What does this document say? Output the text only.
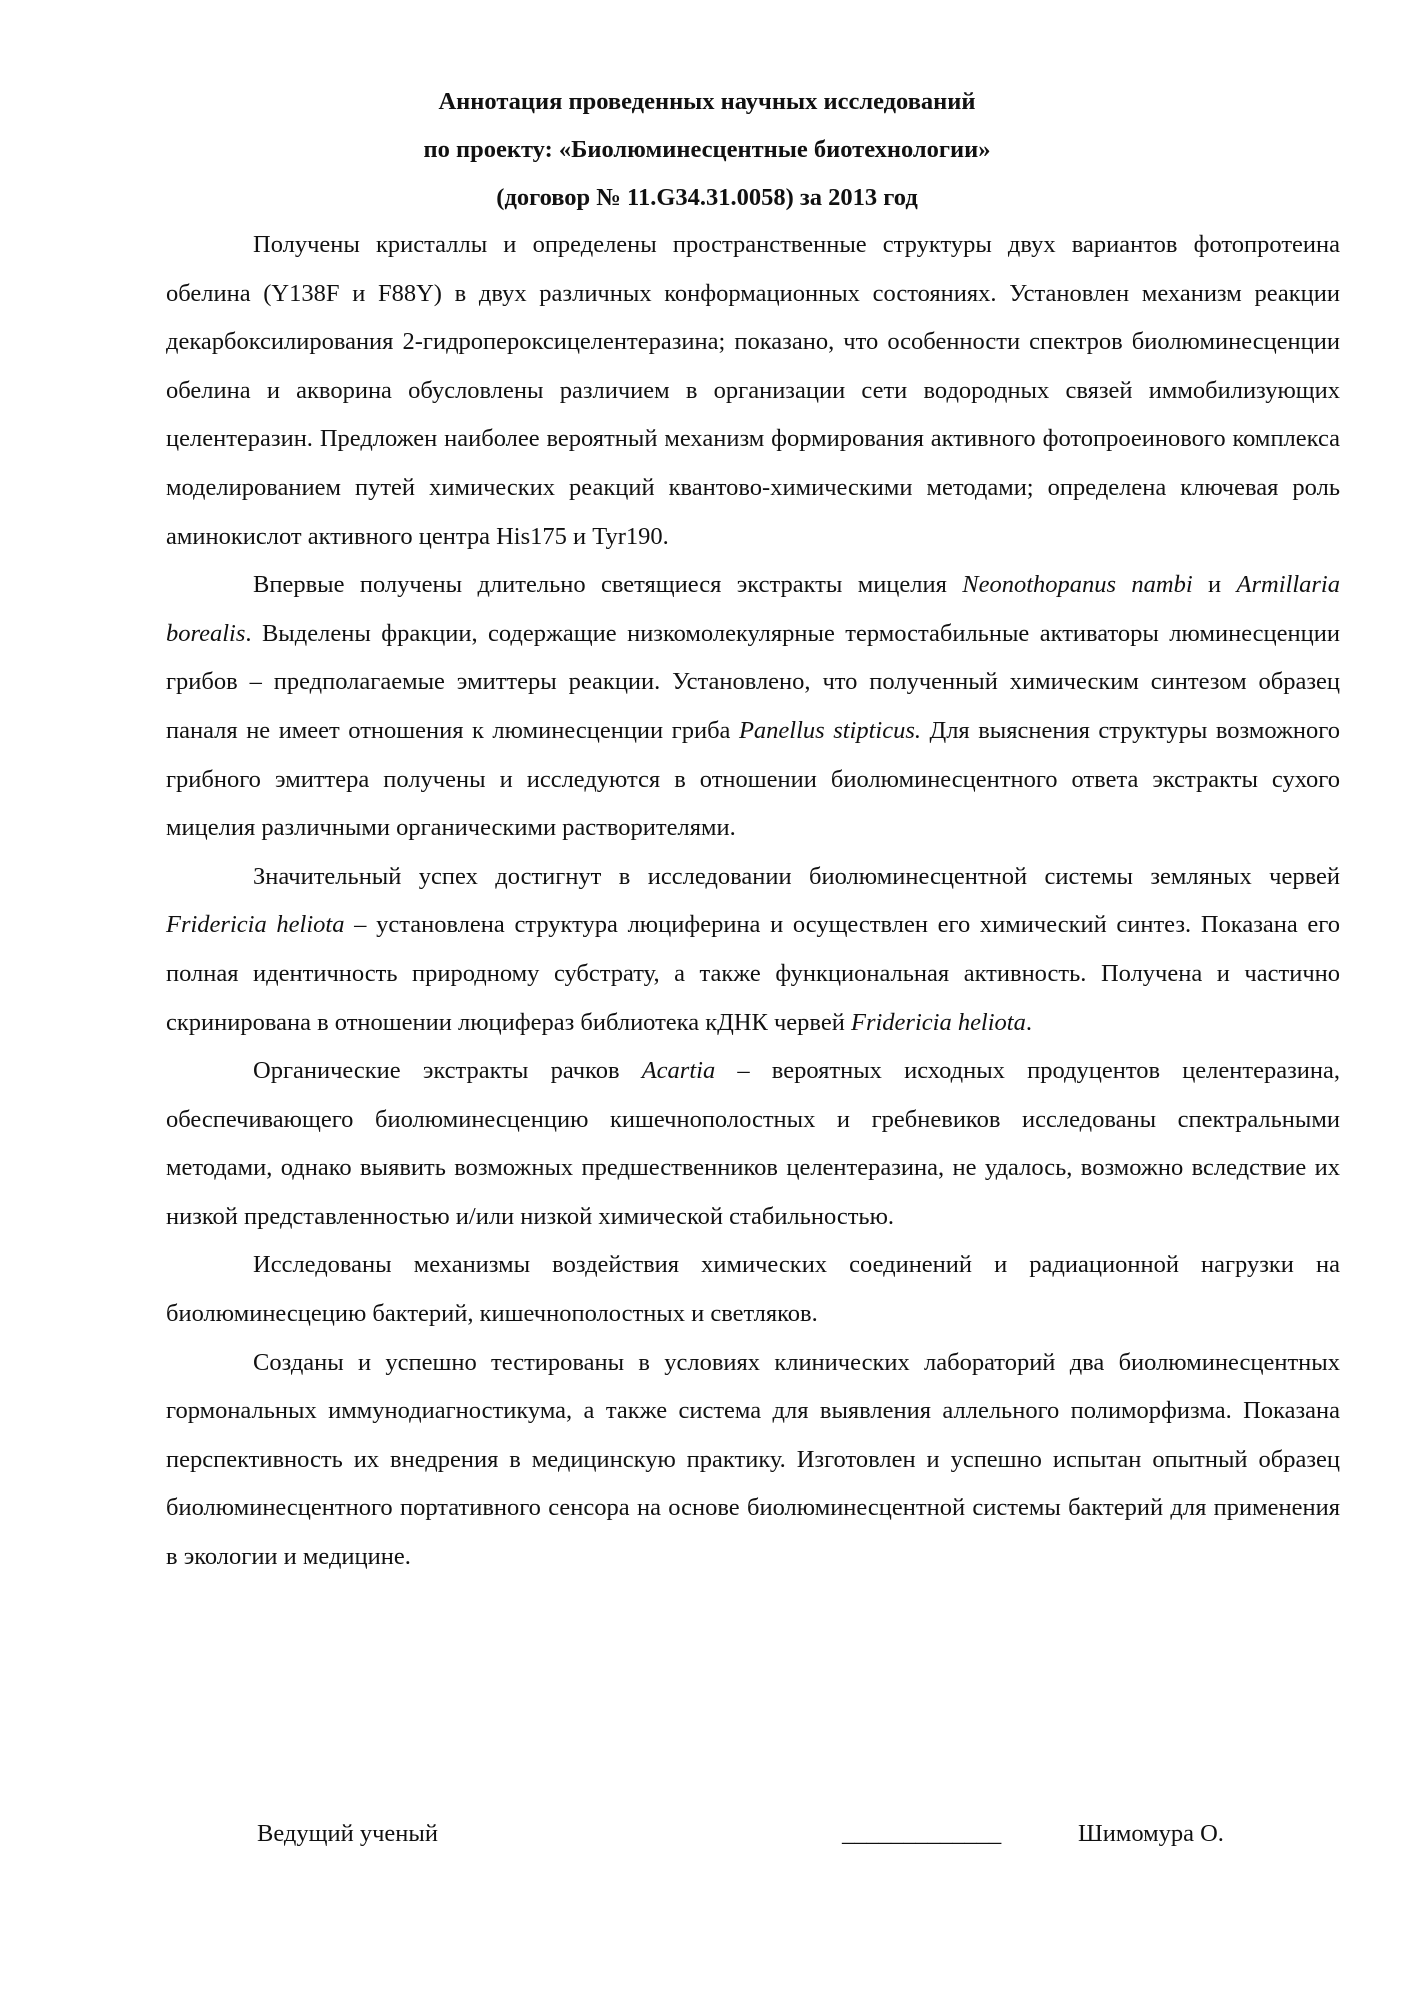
Аннотация проведенных научных исследований
по проекту: «Биолюминесцентные биотехнологии»
(договор № 11.G34.31.0058) за 2013 год

Получены кристаллы и определены пространственные структуры двух вариантов фотопротеина обелина (Y138F и F88Y) в двух различных конформационных состояниях. Установлен механизм реакции декарбоксилирования 2-гидропероксицелентеразина; показано, что особенности спектров биолюминесценции обелина и акворина обусловлены различием в организации сети водородных связей иммобилизующих целентеразин. Предложен наиболее вероятный механизм формирования активного фотопроеинового комплекса моделированием путей химических реакций квантово-химическими методами; определена ключевая роль аминокислот активного центра His175 и Tyr190.

Впервые получены длительно светящиеся экстракты мицелия Neonothopanus nambi и Armillaria borealis. Выделены фракции, содержащие низкомолекулярные термостабильные активаторы люминесценции грибов – предполагаемые эмиттеры реакции. Установлено, что полученный химическим синтезом образец паналя не имеет отношения к люминесценции гриба Panellus stipticus. Для выяснения структуры возможного грибного эмиттера получены и исследуются в отношении биолюминесцентного ответа экстракты сухого мицелия различными органическими растворителями.

Значительный успех достигнут в исследовании биолюминесцентной системы земляных червей Fridericia heliota – установлена структура люциферина и осуществлен его химический синтез. Показана его полная идентичность природному субстрату, а также функциональная активность. Получена и частично скринирована в отношении люцифераз библиотека кДНК червей Fridericia heliota.

Органические экстракты рачков Acartia – вероятных исходных продуцентов целентеразина, обеспечивающего биолюминесценцию кишечнополостных и гребневиков исследованы спектральными методами, однако выявить возможных предшественников целентеразина, не удалось, возможно вследствие их низкой представленностью и/или низкой химической стабильностью.

Исследованы механизмы воздействия химических соединений и радиационной нагрузки на биолюминесцецию бактерий, кишечнополостных и светляков.

Созданы и успешно тестированы в условиях клинических лабораторий два биолюминесцентных гормональных иммунодиагностикума, а также система для выявления аллельного полиморфизма. Показана перспективность их внедрения в медицинскую практику. Изготовлен и успешно испытан опытный образец биолюминесцентного портативного сенсора на основе биолюминесцентной системы бактерий для применения в экологии и медицине.

Ведущий ученый	_____________	Шимомура О.
